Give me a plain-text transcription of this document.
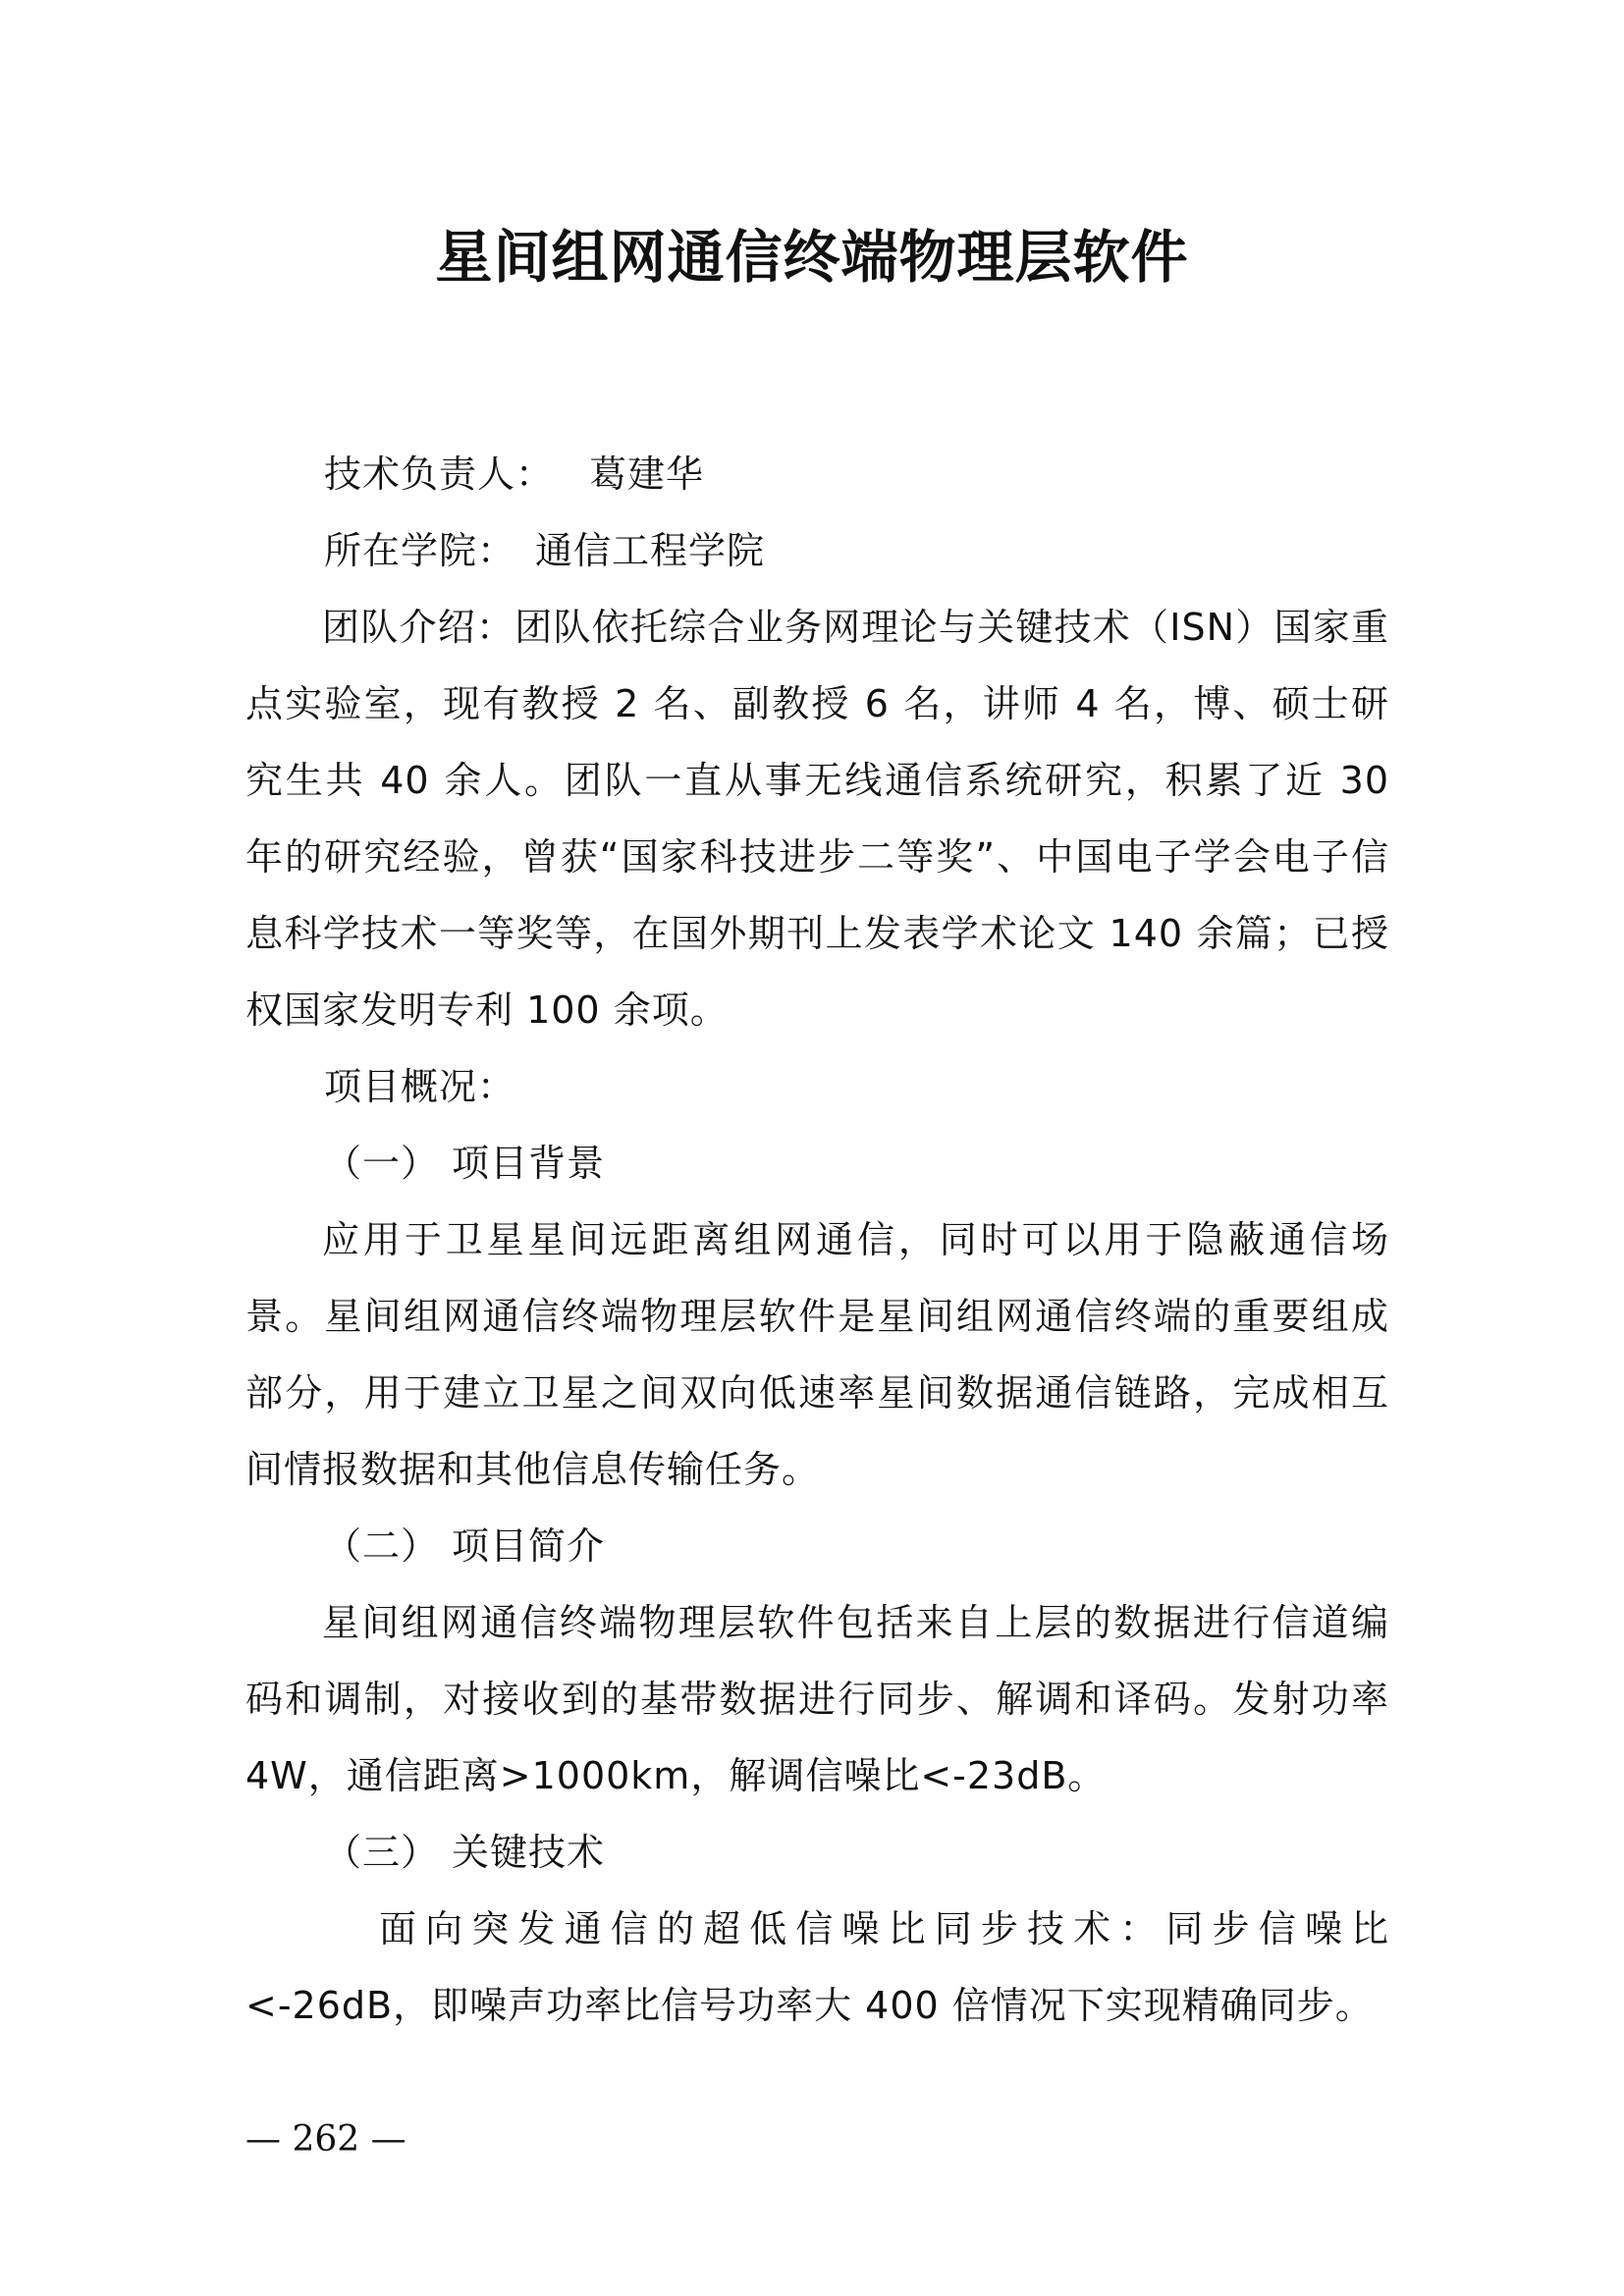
星间组网通信终端物理层软件
技术负责人： 葛建华
所在学院： 通信工程学院

团队介绍：团队依托综合业务网理论与关键技术（ISN）国家重点实验室，现有教授 2 名、副教授 6 名，讲师 4 名，博、硕士研究生共 40 余人。团队一直从事无线通信系统研究，积累了近 30 年的研究经验，曾获“国家科技进步二等奖”、中国电子学会电子信息科学技术一等奖等，在国外期刊上发表学术论文 140 余篇；已授权国家发明专利 100 余项。

项目概况：
（一） 项目背景

应用于卫星星间远距离组网通信，同时可以用于隐蔽通信场景。星间组网通信终端物理层软件是星间组网通信终端的重要组成部分，用于建立卫星之间双向低速率星间数据通信链路，完成相互间情报数据和其他信息传输任务。

（二） 项目简介

星间组网通信终端物理层软件包括来自上层的数据进行信道编码和调制，对接收到的基带数据进行同步、解调和译码。发射功率 4W，通信距离>1000km，解调信噪比<-23dB。

（三） 关键技术

面向突发通信的超低信噪比同步技术：同步信噪比<-26dB，即噪声功率比信号功率大 400 倍情况下实现精确同步。

— 262 —
